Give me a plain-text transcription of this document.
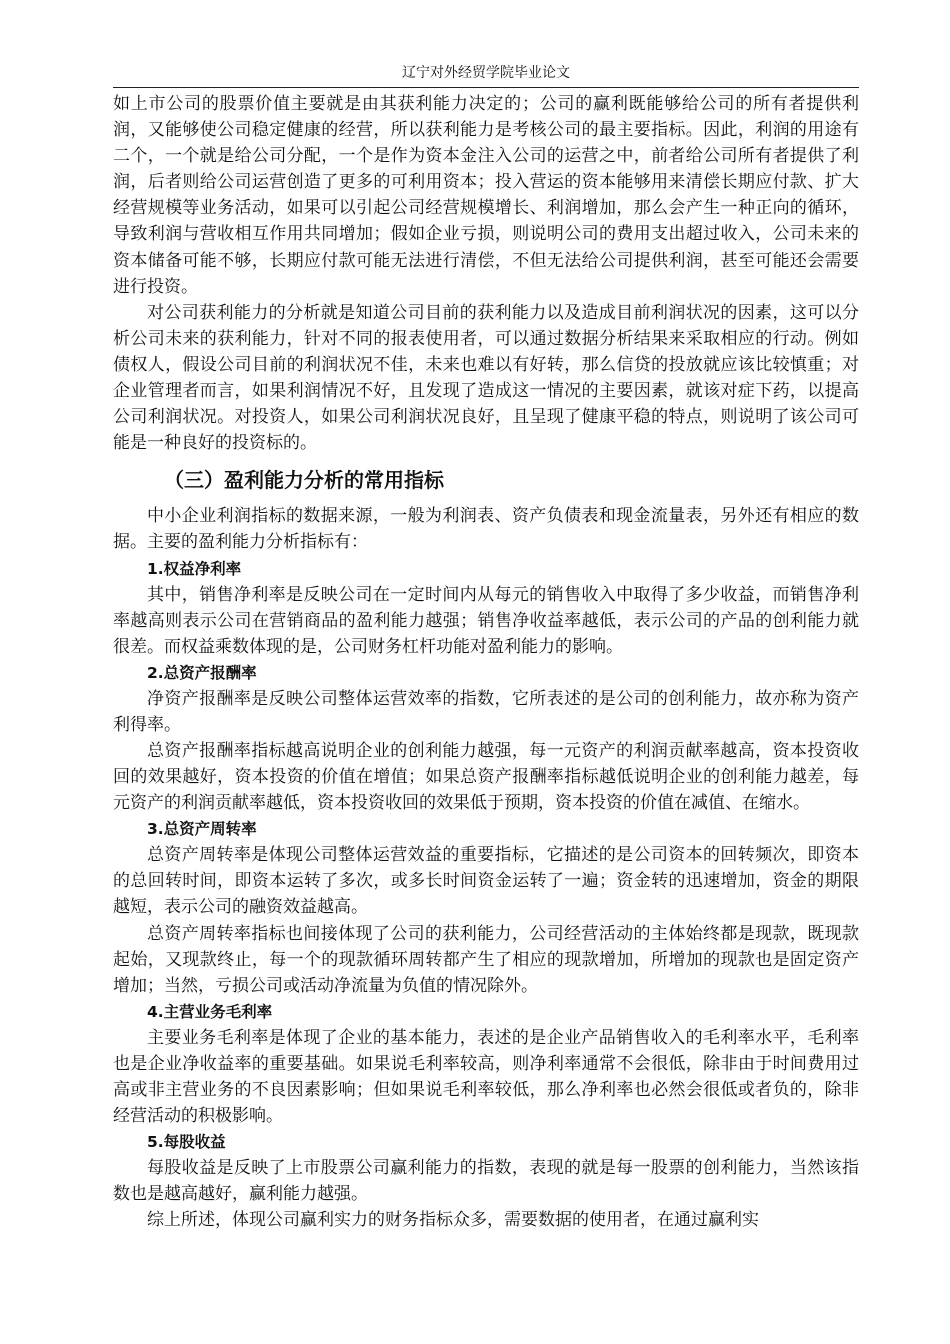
辽宁对外经贸学院毕业论文

如上市公司的股票价值主要就是由其获利能力决定的；公司的赢利既能够给公司的所有者提供利润，又能够使公司稳定健康的经营，所以获利能力是考核公司的最主要指标。因此，利润的用途有二个，一个就是给公司分配，一个是作为资本金注入公司的运营之中，前者给公司所有者提供了利润，后者则给公司运营创造了更多的可利用资本；投入营运的资本能够用来清偿长期应付款、扩大经营规模等业务活动，如果可以引起公司经营规模增长、利润增加，那么会产生一种正向的循环，导致利润与营收相互作用共同增加；假如企业亏损，则说明公司的费用支出超过收入，公司未来的资本储备可能不够，长期应付款可能无法进行清偿，不但无法给公司提供利润，甚至可能还会需要进行投资。

对公司获利能力的分析就是知道公司目前的获利能力以及造成目前利润状况的因素，这可以分析公司未来的获利能力，针对不同的报表使用者，可以通过数据分析结果来采取相应的行动。例如债权人，假设公司目前的利润状况不佳，未来也难以有好转，那么信贷的投放就应该比较慎重；对企业管理者而言，如果利润情况不好，且发现了造成这一情况的主要因素，就该对症下药，以提高公司利润状况。对投资人，如果公司利润状况良好，且呈现了健康平稳的特点，则说明了该公司可能是一种良好的投资标的。

（三）盈利能力分析的常用指标

中小企业利润指标的数据来源，一般为利润表、资产负债表和现金流量表，另外还有相应的数据。主要的盈利能力分析指标有：

1.权益净利率

其中，销售净利率是反映公司在一定时间内从每元的销售收入中取得了多少收益，而销售净利率越高则表示公司在营销商品的盈利能力越强；销售净收益率越低，表示公司的产品的创利能力就很差。而权益乘数体现的是，公司财务杠杆功能对盈利能力的影响。

2.总资产报酬率

净资产报酬率是反映公司整体运营效率的指数，它所表述的是公司的创利能力，故亦称为资产利得率。

总资产报酬率指标越高说明企业的创利能力越强，每一元资产的利润贡献率越高，资本投资收回的效果越好，资本投资的价值在增值；如果总资产报酬率指标越低说明企业的创利能力越差，每元资产的利润贡献率越低，资本投资收回的效果低于预期，资本投资的价值在减值、在缩水。

3.总资产周转率

总资产周转率是体现公司整体运营效益的重要指标，它描述的是公司资本的回转频次，即资本的总回转时间，即资本运转了多次，或多长时间资金运转了一遍；资金转的迅速增加，资金的期限越短，表示公司的融资效益越高。

总资产周转率指标也间接体现了公司的获利能力，公司经营活动的主体始终都是现款，既现款起始，又现款终止，每一个的现款循环周转都产生了相应的现款增加，所增加的现款也是固定资产增加；当然，亏损公司或活动净流量为负值的情况除外。

4.主营业务毛利率

主要业务毛利率是体现了企业的基本能力，表述的是企业产品销售收入的毛利率水平，毛利率也是企业净收益率的重要基础。如果说毛利率较高，则净利率通常不会很低，除非由于时间费用过高或非主营业务的不良因素影响；但如果说毛利率较低，那么净利率也必然会很低或者负的，除非经营活动的积极影响。

5.每股收益

每股收益是反映了上市股票公司赢利能力的指数，表现的就是每一股票的创利能力，当然该指数也是越高越好，赢利能力越强。

综上所述，体现公司赢利实力的财务指标众多，需要数据的使用者，在通过赢利实
